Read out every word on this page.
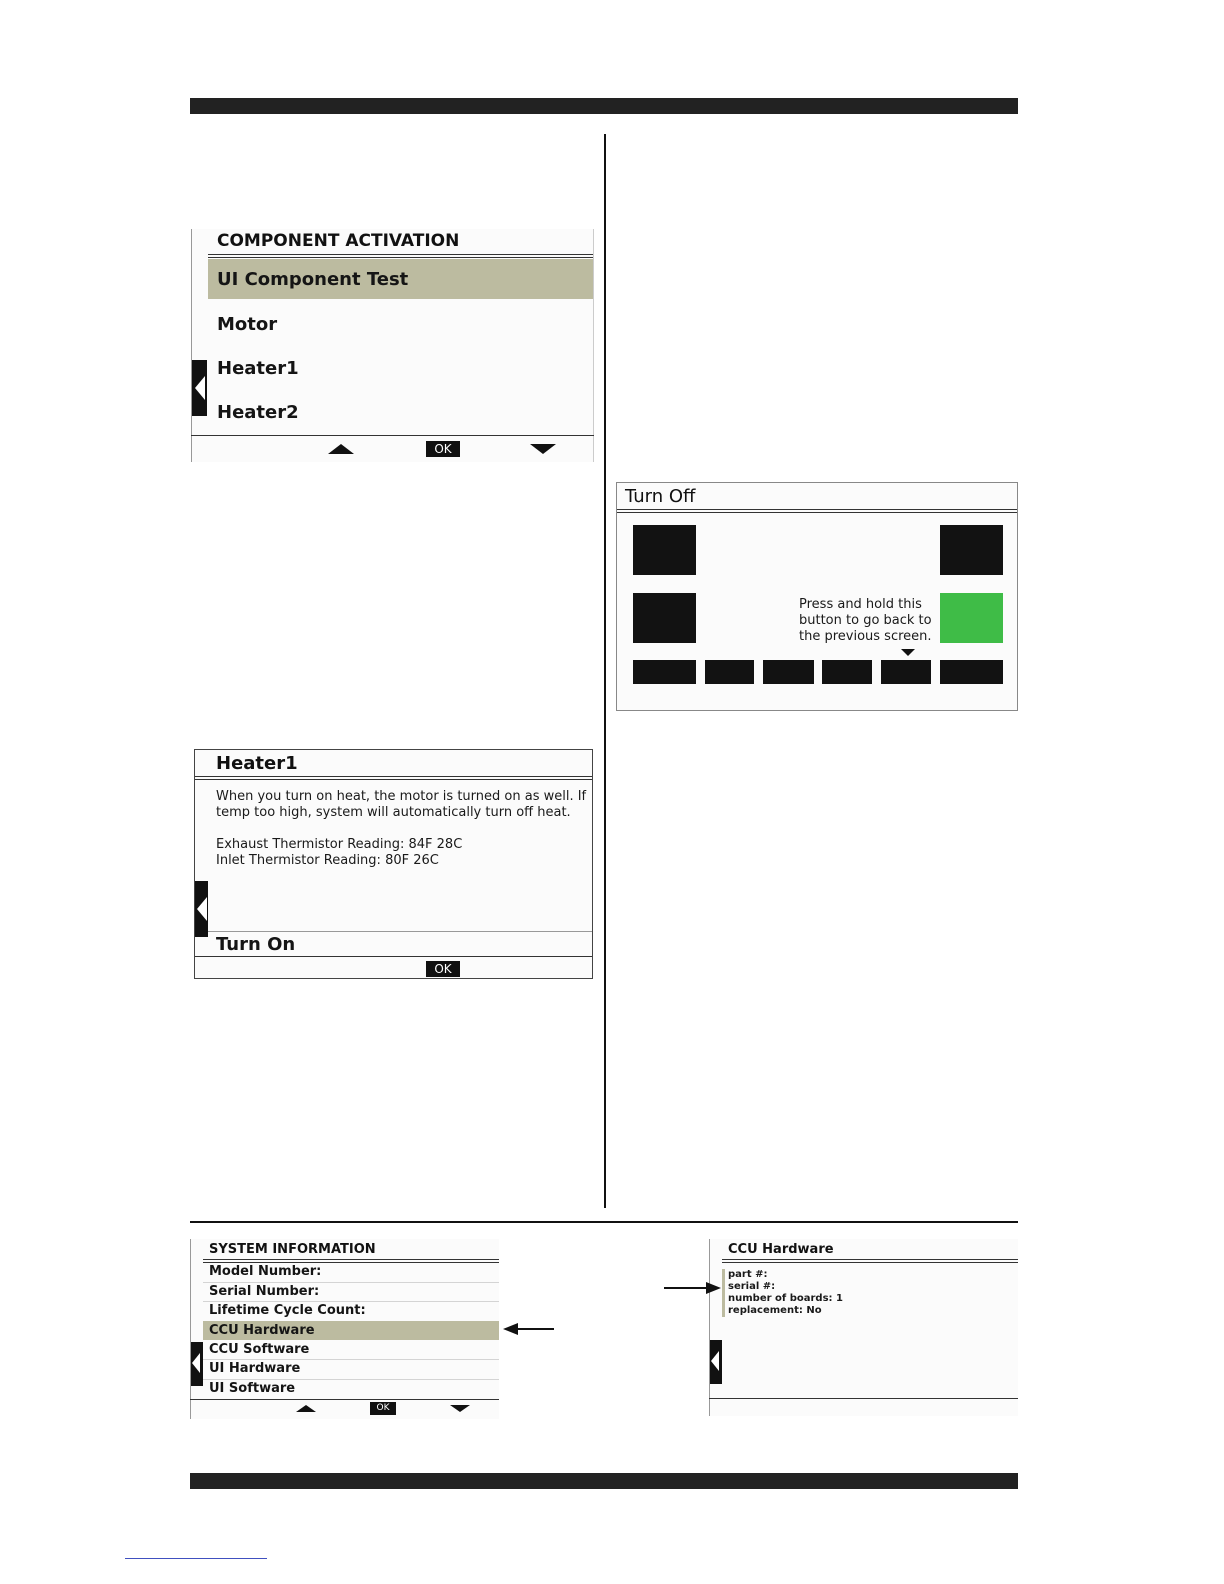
COMPONENT ACTIVATION
UI Component Test
Motor
Heater1
Heater2
OK
Turn Off
Press and hold this
button to go back to
the previous screen.
Heater1
When you turn on heat, the motor is turned on as well. If
temp too high, system will automatically turn off heat.
Exhaust Thermistor Reading: 84F 28C
Inlet Thermistor Reading: 80F 26C
Turn On
OK
SYSTEM INFORMATION
Model Number:
Serial Number:
Lifetime Cycle Count:
CCU Hardware
CCU Software
UI Hardware
UI Software
OK
CCU Hardware
part #:
serial #:
number of boards: 1
replacement: No
